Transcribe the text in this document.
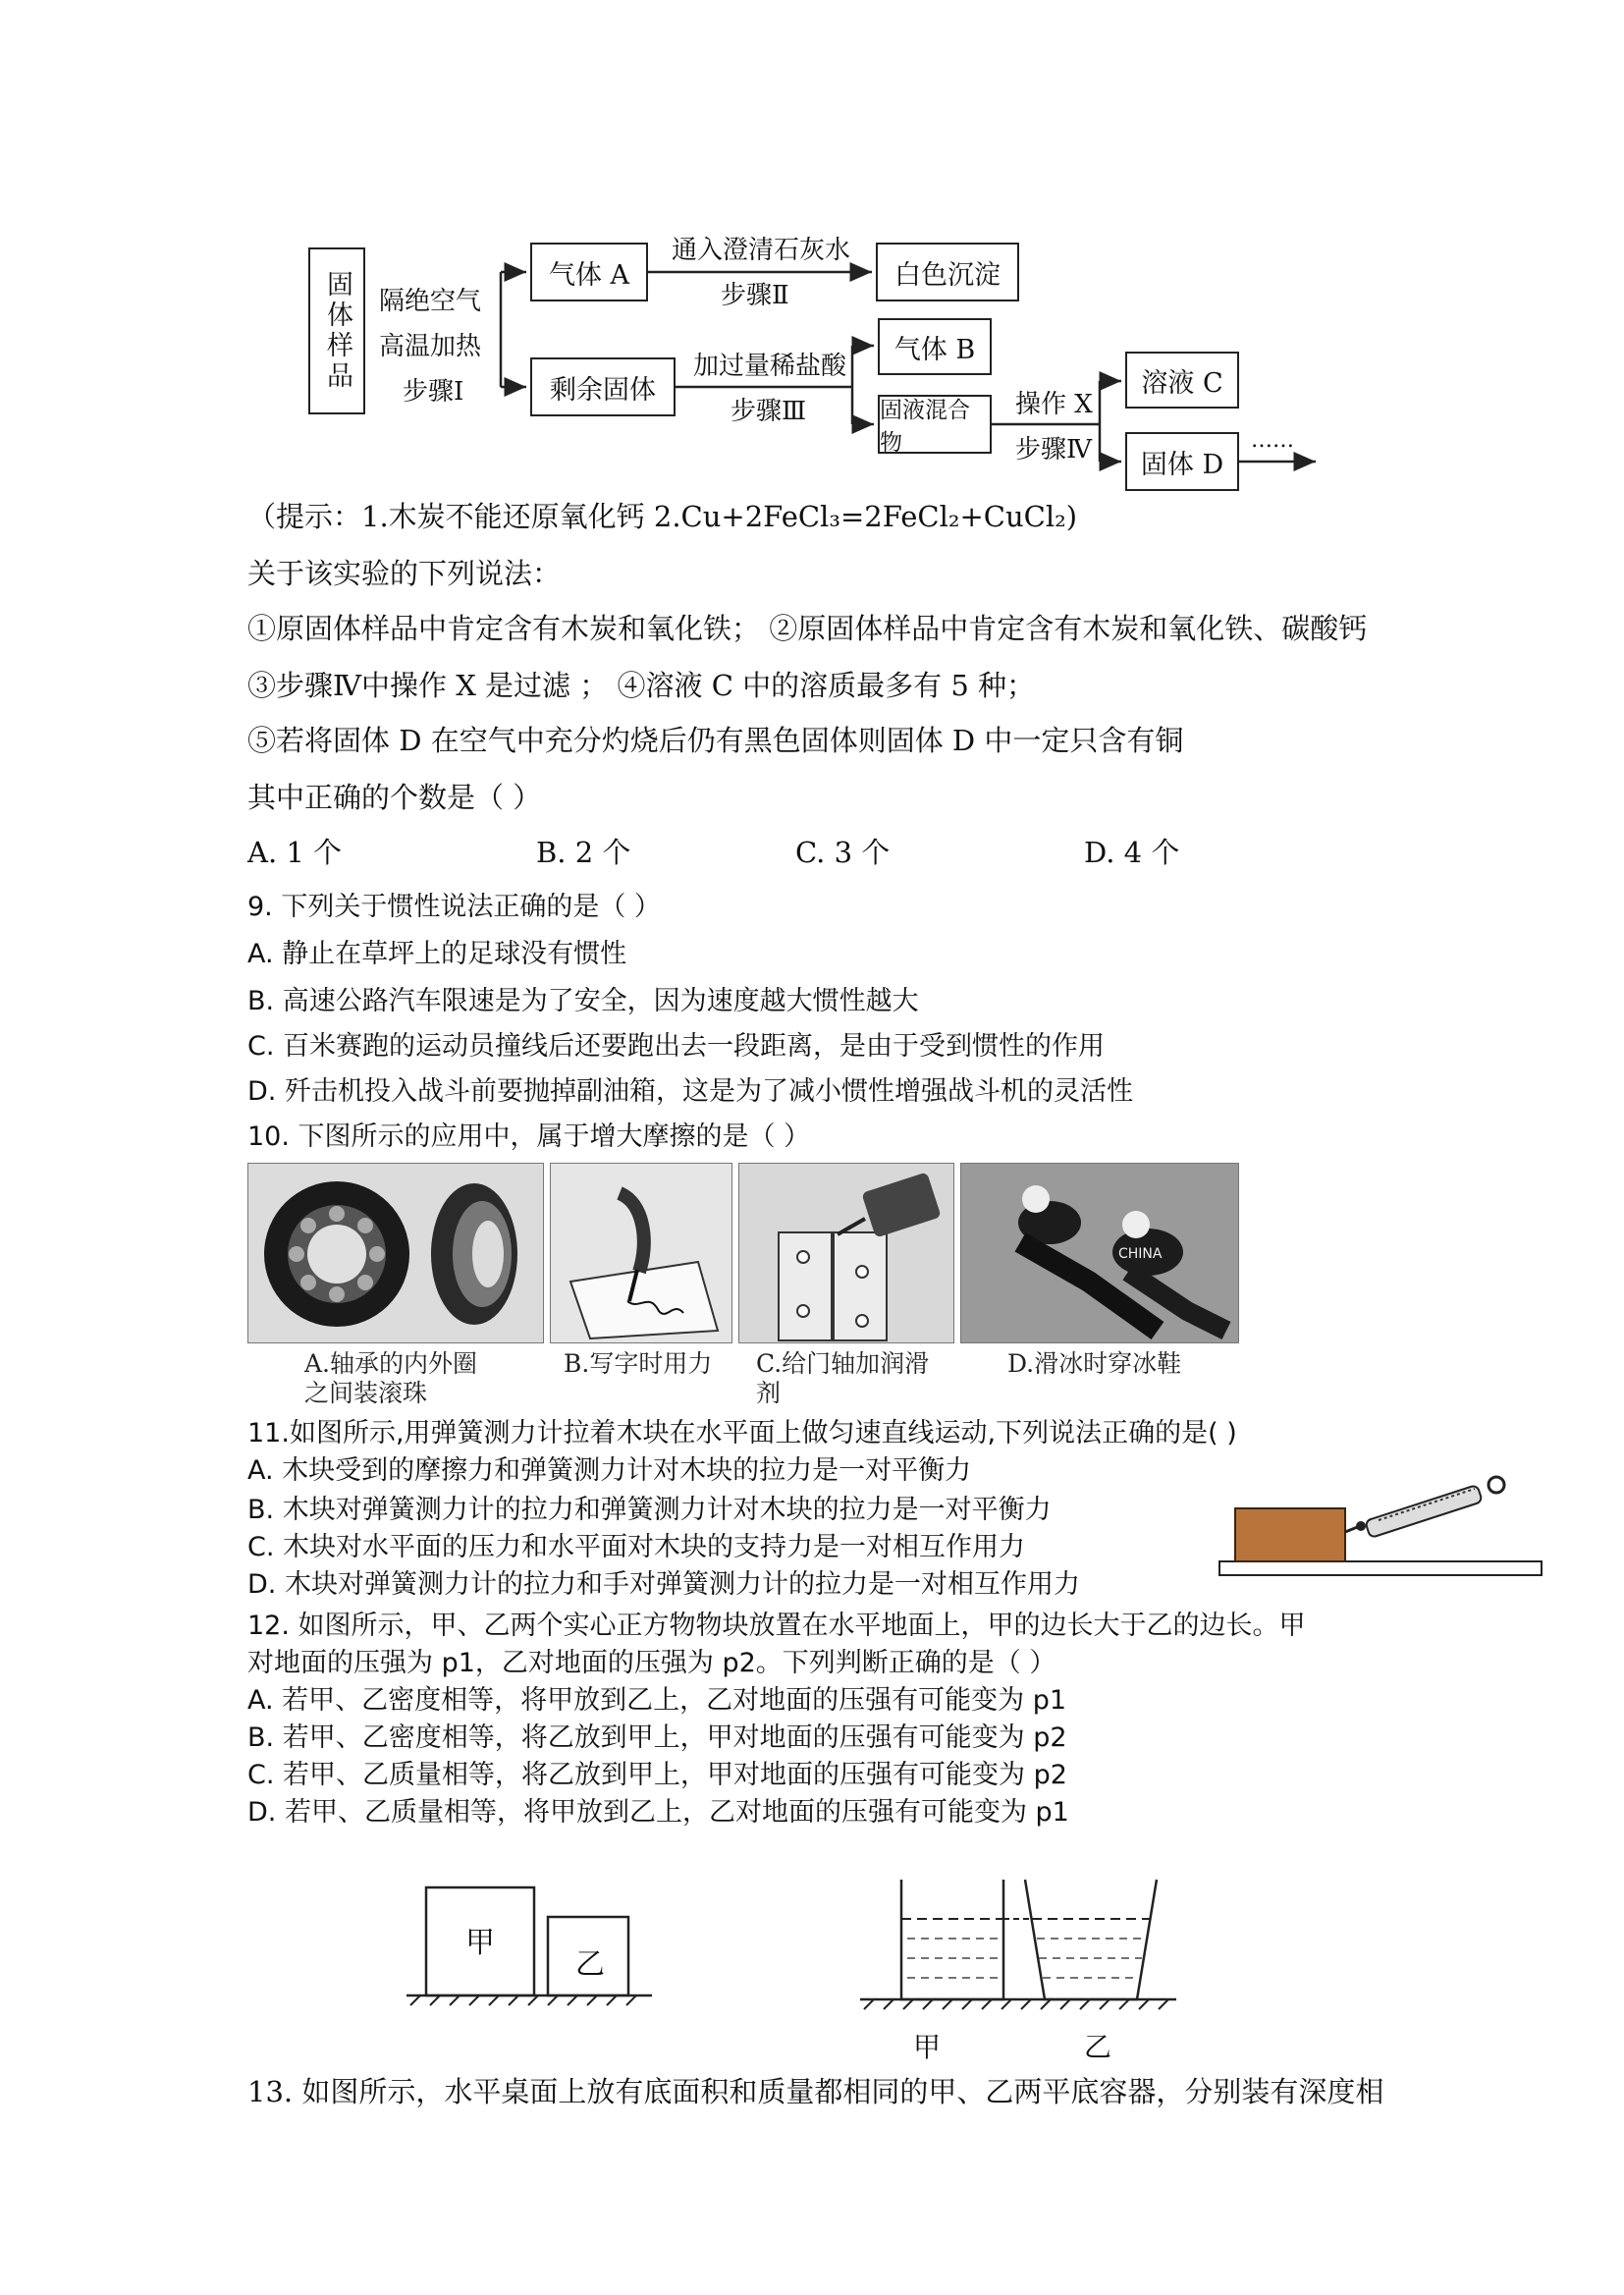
固体样品 隔绝空气
高温加热
步骤Ⅰ
气体 A
通入澄清石灰水
步骤Ⅱ
白色沉淀
剩余固体
加过量稀盐酸
步骤Ⅲ
气体 B
固液混合物
操作 X
步骤Ⅳ
溶液 C
固体 D
……
（提示：1.木炭不能还原氧化钙 2.Cu+2FeCl₃=2FeCl₂+CuCl₂)
关于该实验的下列说法：
①原固体样品中肯定含有木炭和氧化铁； ②原固体样品中肯定含有木炭和氧化铁、碳酸钙
③步骤Ⅳ中操作 X 是过滤 ； ④溶液 C 中的溶质最多有 5 种；
⑤若将固体 D 在空气中充分灼烧后仍有黑色固体则固体 D 中一定只含有铜
其中正确的个数是（ ）
A. 1 个	B. 2 个	C. 3 个	D. 4 个
9. 下列关于惯性说法正确的是（ ）
A. 静止在草坪上的足球没有惯性
B. 高速公路汽车限速是为了安全，因为速度越大惯性越大
C. 百米赛跑的运动员撞线后还要跑出去一段距离，是由于受到惯性的作用
D. 歼击机投入战斗前要抛掉副油箱，这是为了减小惯性增强战斗机的灵活性
10. 下图所示的应用中，属于增大摩擦的是（ ）
CHINA
A.轴承的内外圈之间装滚珠
B.写字时用力	C.给门轴加润滑剂
D.滑冰时穿冰鞋
11.如图所示,用弹簧测力计拉着木块在水平面上做匀速直线运动,下列说法正确的是( )
A. 木块受到的摩擦力和弹簧测力计对木块的拉力是一对平衡力
B. 木块对弹簧测力计的拉力和弹簧测力计对木块的拉力是一对平衡力
C. 木块对水平面的压力和水平面对木块的支持力是一对相互作用力
D. 木块对弹簧测力计的拉力和手对弹簧测力计的拉力是一对相互作用力
12. 如图所示，甲、乙两个实心正方物物块放置在水平地面上，甲的边长大于乙的边长。甲
对地面的压强为 p1，乙对地面的压强为 p2。下列判断正确的是（ ）
A. 若甲、乙密度相等，将甲放到乙上，乙对地面的压强有可能变为 p1
B. 若甲、乙密度相等，将乙放到甲上，甲对地面的压强有可能变为 p2
C. 若甲、乙质量相等，将乙放到甲上，甲对地面的压强有可能变为 p2
D. 若甲、乙质量相等，将甲放到乙上，乙对地面的压强有可能变为 p1
甲
乙
甲	乙
13. 如图所示，水平桌面上放有底面积和质量都相同的甲、乙两平底容器，分别装有深度相
